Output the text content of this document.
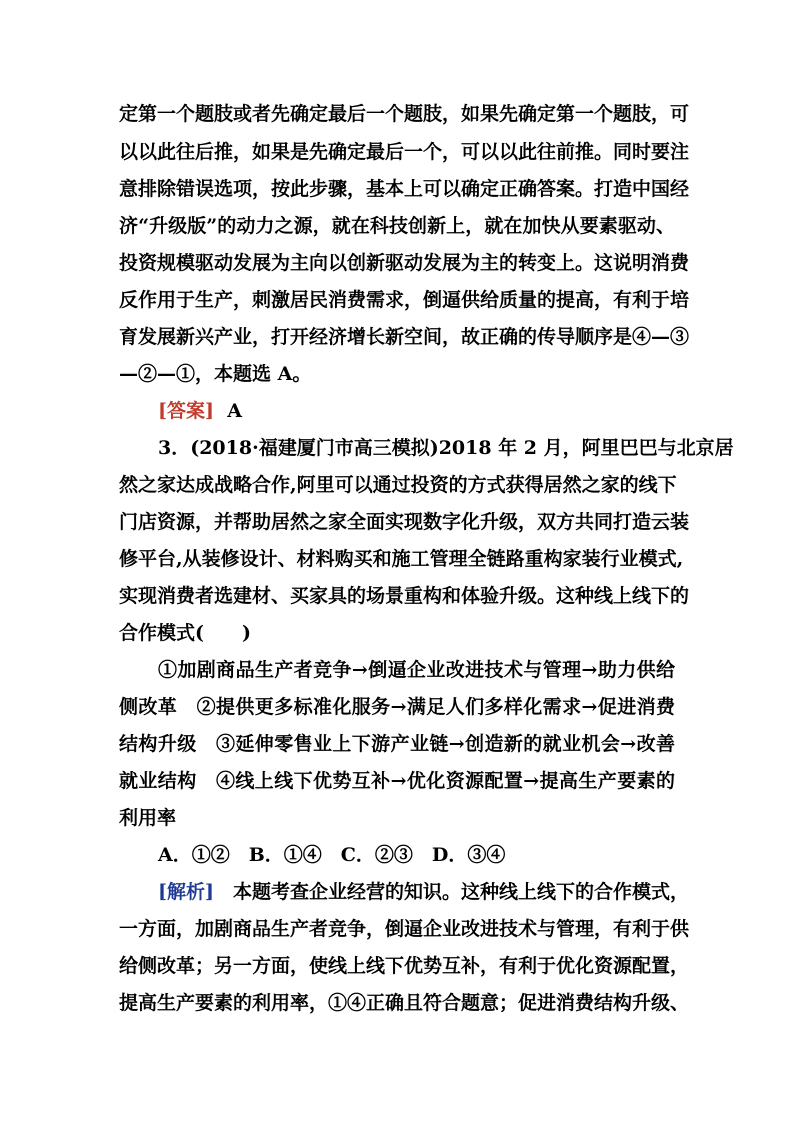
定第一个题肢或者先确定最后一个题肢，如果先确定第一个题肢，可
以以此往后推，如果是先确定最后一个，可以以此往前推。同时要注
意排除错误选项，按此步骤，基本上可以确定正确答案。打造中国经
济“升级版”的动力之源，就在科技创新上，就在加快从要素驱动、
投资规模驱动发展为主向以创新驱动发展为主的转变上。这说明消费
反作用于生产，刺激居民消费需求，倒逼供给质量的提高，有利于培
育发展新兴产业，打开经济增长新空间，故正确的传导顺序是④—③
—②—①，本题选 A。
[答案] A
3．(2018·福建厦门市高三模拟)2018 年 2 月，阿里巴巴与北京居
然之家达成战略合作,阿里可以通过投资的方式获得居然之家的线下
门店资源，并帮助居然之家全面实现数字化升级，双方共同打造云装
修平台,从装修设计、材料购买和施工管理全链路重构家装行业模式,
实现消费者选建材、买家具的场景重构和体验升级。这种线上线下的
合作模式(　　)
①加剧商品生产者竞争→倒逼企业改进技术与管理→助力供给
侧改革　②提供更多标准化服务→满足人们多样化需求→促进消费
结构升级　③延伸零售业上下游产业链→创造新的就业机会→改善
就业结构　④线上线下优势互补→优化资源配置→提高生产要素的
利用率
A．①②　B．①④　C．②③　D．③④
[解析]　本题考查企业经营的知识。这种线上线下的合作模式，
一方面，加剧商品生产者竞争，倒逼企业改进技术与管理，有利于供
给侧改革；另一方面，使线上线下优势互补，有利于优化资源配置，
提高生产要素的利用率，①④正确且符合题意；促进消费结构升级、
